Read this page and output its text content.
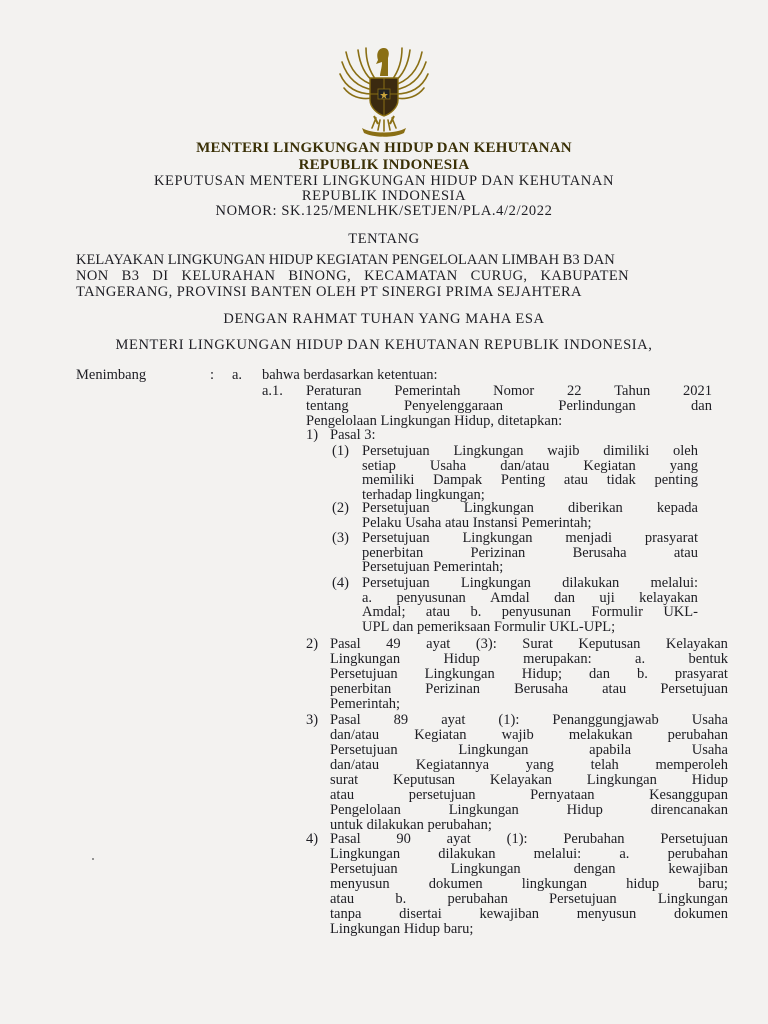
MENTERI LINGKUNGAN HIDUP DAN KEHUTANAN
REPUBLIK INDONESIA
KEPUTUSAN MENTERI LINGKUNGAN HIDUP DAN KEHUTANAN
REPUBLIK INDONESIA
NOMOR: SK.125/MENLHK/SETJEN/PLA.4/2/2022
TENTANG
KELAYAKAN LINGKUNGAN HIDUP KEGIATAN PENGELOLAAN LIMBAH B3 DAN
NON B3 DI KELURAHAN BINONG, KECAMATAN CURUG, KABUPATEN
TANGERANG, PROVINSI BANTEN OLEH PT SINERGI PRIMA SEJAHTERA
DENGAN RAHMAT TUHAN YANG MAHA ESA
MENTERI LINGKUNGAN HIDUP DAN KEHUTANAN REPUBLIK INDONESIA,
Menimbang	: a. bahwa berdasarkan ketentuan:
a.1. Peraturan Pemerintah Nomor 22 Tahun 2021
tentang	Penyelenggaraan	Perlindungan	dan
Pengelolaan Lingkungan Hidup, ditetapkan:
1) Pasal 3:
(1) Persetujuan Lingkungan wajib dimiliki oleh
setiap Usaha dan/atau Kegiatan yang
memiliki Dampak Penting atau tidak penting
terhadap lingkungan;
(2) Persetujuan Lingkungan diberikan kepada
Pelaku Usaha atau Instansi Pemerintah;
(3) Persetujuan Lingkungan menjadi prasyarat
penerbitan	Perizinan	Berusaha	atau
Persetujuan Pemerintah;
(4) Persetujuan Lingkungan dilakukan melalui:
a. penyusunan Amdal dan uji kelayakan
Amdal; atau b. penyusunan Formulir UKL-
UPL dan pemeriksaan Formulir UKL-UPL;
2) Pasal 49 ayat (3): Surat Keputusan Kelayakan
Lingkungan	Hidup	merupakan:	a.	bentuk
Persetujuan Lingkungan Hidup; dan b. prasyarat
penerbitan Perizinan Berusaha atau Persetujuan
Pemerintah;
3) Pasal 89 ayat (1): Penanggungjawab Usaha
dan/atau Kegiatan wajib melakukan perubahan
Persetujuan	Lingkungan	apabila	Usaha
dan/atau	Kegiatannya	yang	telah	memperoleh
surat Keputusan Kelayakan Lingkungan Hidup
atau	persetujuan	Pernyataan	Kesanggupan
Pengelolaan	Lingkungan	Hidup	direncanakan
untuk dilakukan perubahan;
4) Pasal 90 ayat (1): Perubahan Persetujuan
Lingkungan	dilakukan	melalui:	a.	perubahan
Persetujuan	Lingkungan	dengan	kewajiban
menyusun	dokumen	lingkungan	hidup	baru;
atau	b.	perubahan	Persetujuan	Lingkungan
tanpa	disertai	kewajiban	menyusun	dokumen
Lingkungan Hidup baru;
